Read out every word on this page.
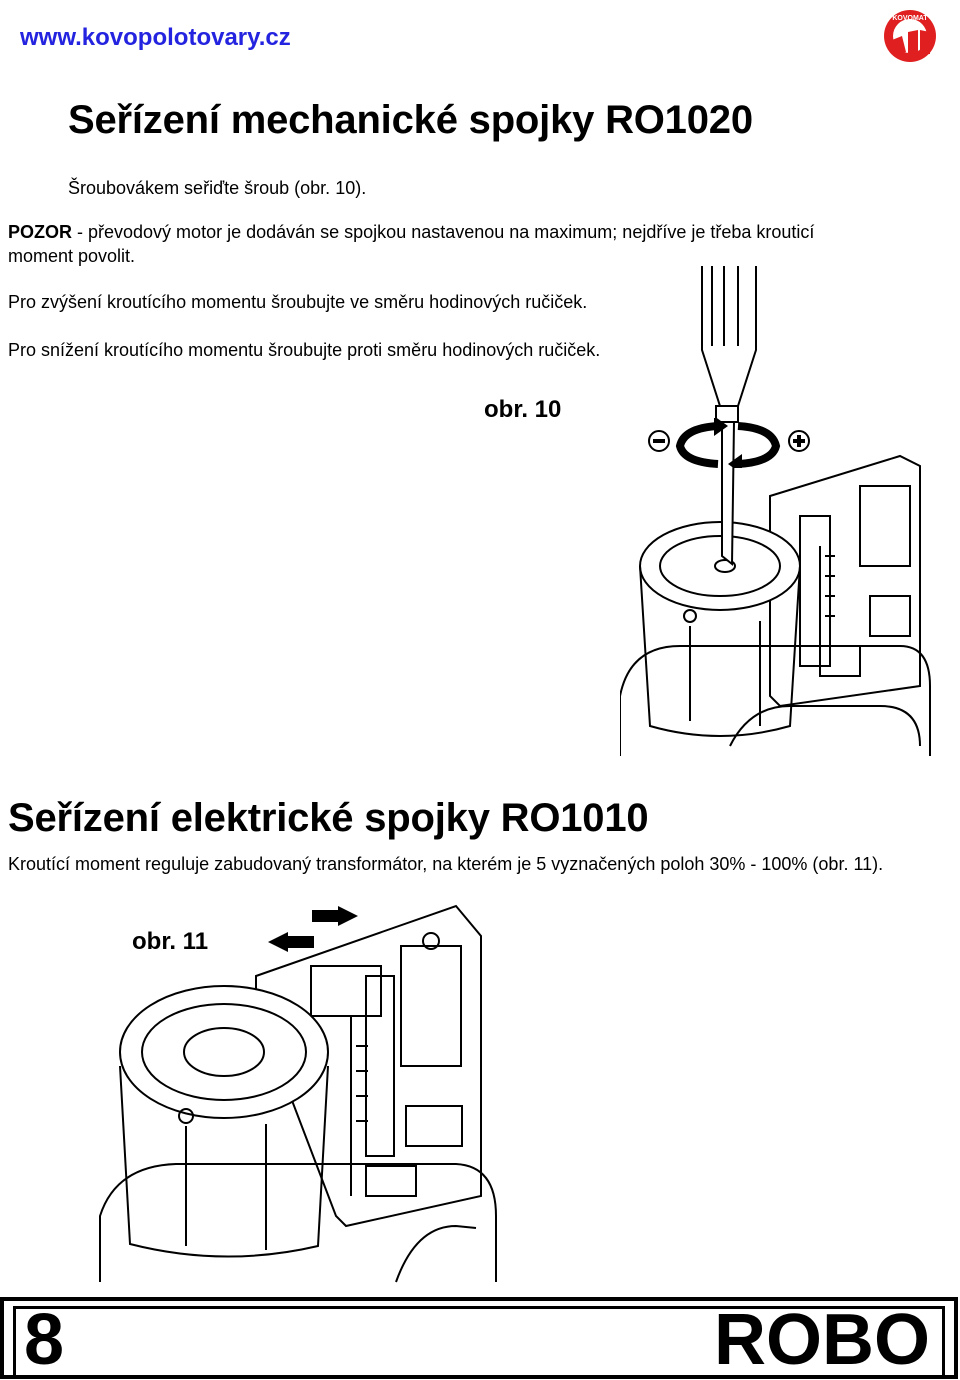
www.kovopolotovary.cz
KOVOMAT
Seřízení mechanické spojky RO1020
Šroubovákem seřiďte šroub (obr. 10).
POZOR - převodový motor je dodáván se spojkou nastavenou na maximum; nejdříve je třeba krouticí
moment povolit.
Pro zvýšení kroutícího momentu šroubujte ve směru hodinových ručiček.
Pro snížení kroutícího momentu šroubujte proti směru hodinových ručiček.
obr. 10
Seřízení elektrické spojky RO1010
Kroutící moment reguluje zabudovaný transformátor, na kterém je 5 vyznačených poloh 30% - 100% (obr. 11).
obr. 11
8	ROBO
